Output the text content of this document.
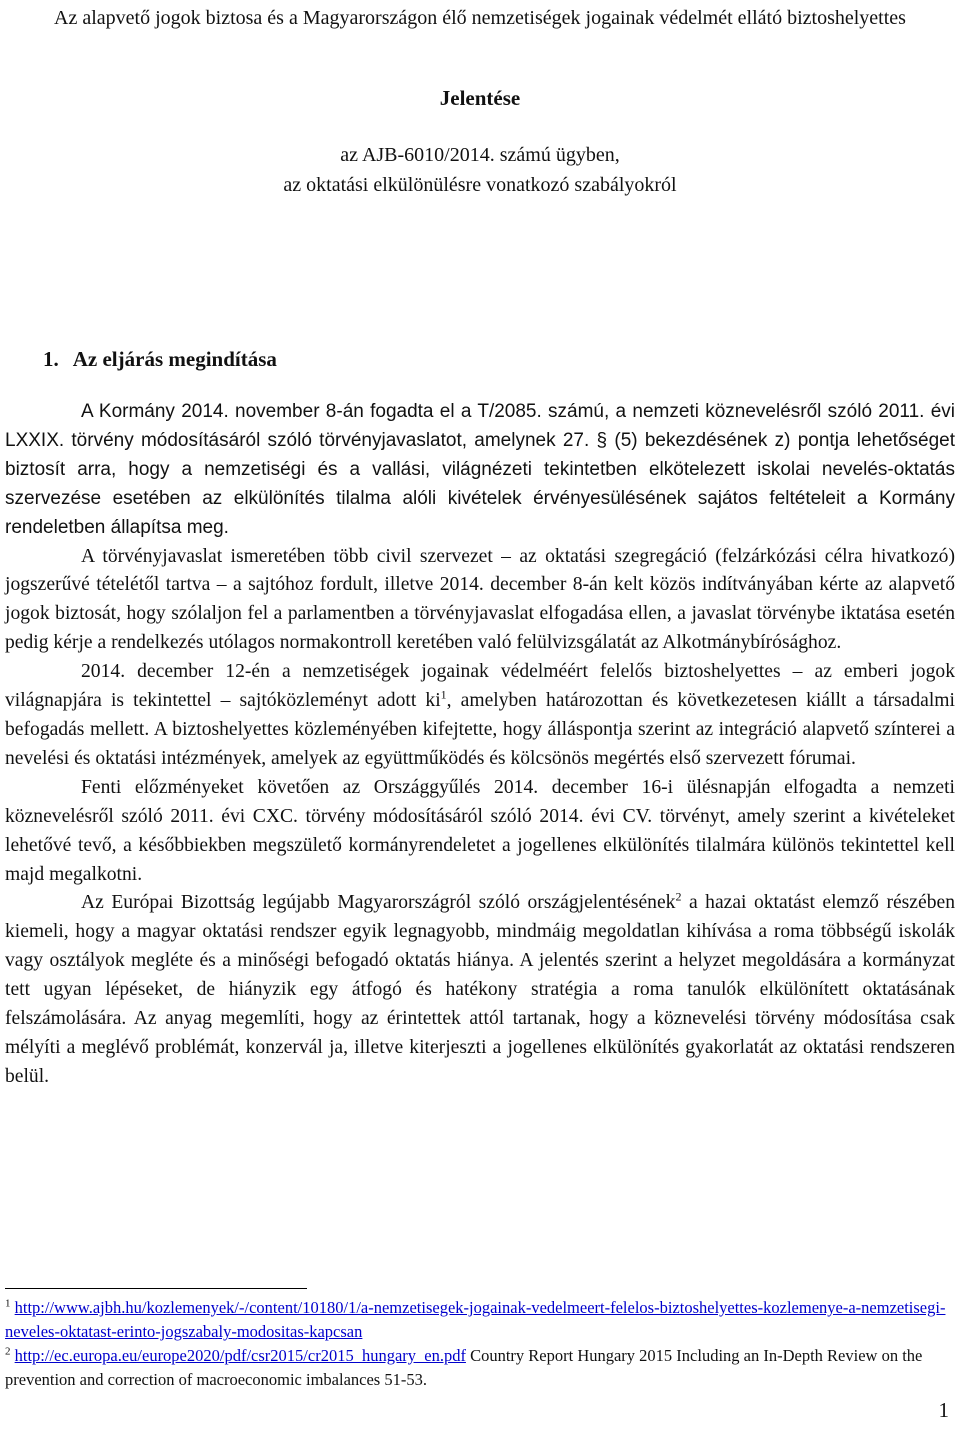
Az alapvető jogok biztosa és a Magyarországon élő nemzetiségek jogainak védelmét ellátó biztoshelyettes
Jelentése
az AJB-6010/2014. számú ügyben,
az oktatási elkülönülésre vonatkozó szabályokról
1. Az eljárás megindítása

A Kormány 2014. november 8-án fogadta el a T/2085. számú, a nemzeti köznevelésről szóló 2011. évi LXXIX. törvény módosításáról szóló törvényjavaslatot, amelynek 27. § (5) bekezdésének z) pontja lehetőséget biztosít arra, hogy a nemzetiségi és a vallási, világnézeti tekintetben elkötelezett iskolai nevelés-oktatás szervezése esetében az elkülönítés tilalma alóli kivételek érvényesülésének sajátos feltételeit a Kormány rendeletben állapítsa meg.

A törvényjavaslat ismeretében több civil szervezet – az oktatási szegregáció (felzárkózási célra hivatkozó) jogszerűvé tételétől tartva – a sajtóhoz fordult, illetve 2014. december 8-án kelt közös indítványában kérte az alapvető jogok biztosát, hogy szólaljon fel a parlamentben a törvényjavaslat elfogadása ellen, a javaslat törvénybe iktatása esetén pedig kérje a rendelkezés utólagos normakontroll keretében való felülvizsgálatát az Alkotmánybírósághoz.

2014. december 12-én a nemzetiségek jogainak védelméért felelős biztoshelyettes – az emberi jogok világnapjára is tekintettel – sajtóközleményt adott $ki^1$, amelyben határozottan és következetesen kiállt a társadalmi befogadás mellett. A biztoshelyettes közleményében kifejtette, hogy álláspontja szerint az integráció alapvető színterei a nevelési és oktatási intézmények, amelyek az együttműködés és kölcsönös megértés első szervezett fórumai.

Fenti előzményeket követően az Országgyűlés 2014. december 16-i ülésnapján elfogadta a nemzeti köznevelésről szóló 2011. évi CXC. törvény módosításáról szóló 2014. évi CV. törvényt, amely szerint a kivételeket lehetővé tevő, a későbbiekben megszülető kormányrendeletet a jogellenes elkülönítés tilalmára különös tekintettel kell majd megalkotni.

Az Európai Bizottság legújabb Magyarországról szóló országjelentésének$^2$ a hazai oktatást elemző részében kiemeli, hogy a magyar oktatási rendszer egyik legnagyobb, mindmáig megoldatlan kihívása a roma többségű iskolák vagy osztályok megléte és a minőségi befogadó oktatás hiánya. A jelentés szerint a helyzet megoldására a kormányzat tett ugyan lépéseket, de hiányzik egy átfogó és hatékony stratégia a roma tanulók elkülönített oktatásának felszámolására. Az anyag megemlíti, hogy az érintettek attól tartanak, hogy a köznevelési törvény módosítása csak mélyíti a meglévő problémát, konzervál ja, illetve kiterjeszti a jogellenes elkülönítés gyakorlatát az oktatási rendszeren belül.

$^1$ http://www.ajbh.hu/kozlemenyek/-/content/10180/1/a-nemzetisegek-jogainak-vedelmeert-felelos-biztoshelyettes-kozlemenye-a-nemzetisegi-neveles-oktatast-erinto-jogszabaly-modositas-kapcsan

$^2$ http://ec.europa.eu/europe2020/pdf/csr2015/cr2015_hungary_en.pdf Country Report Hungary 2015 Including an In-Depth Review on the prevention and correction of macroeconomic imbalances 51-53.

1
